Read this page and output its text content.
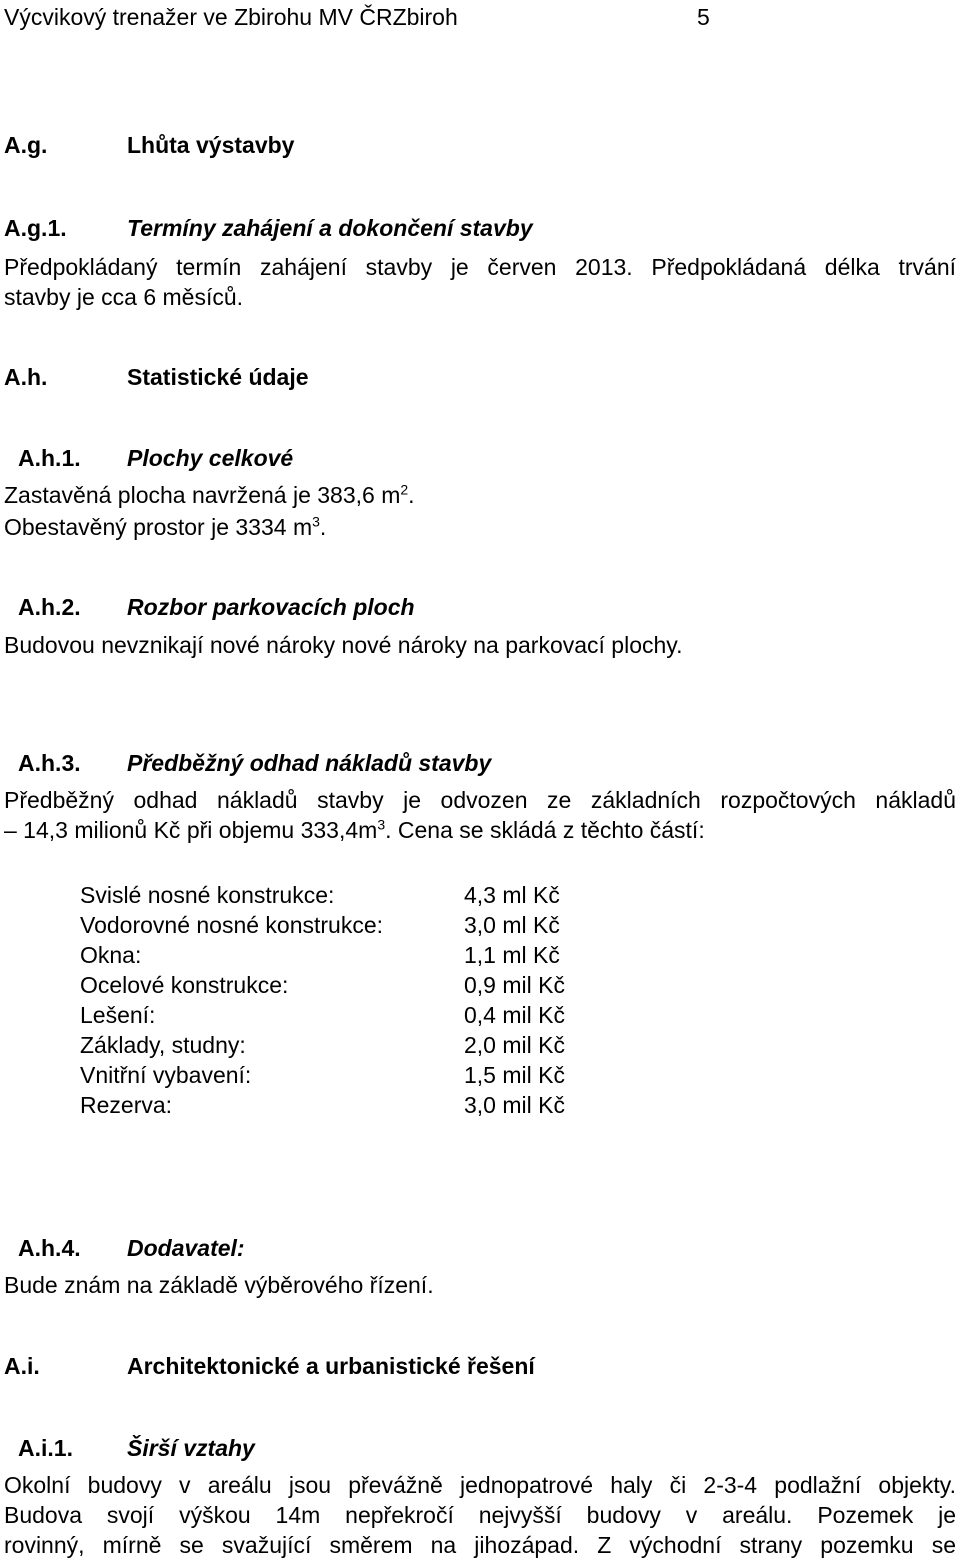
Výcvikový trenažer ve Zbirohu MV ČRZbiroh	5
A.g.	Lhůta výstavby
A.g.1.	Termíny zahájení a dokončení stavby
Předpokládaný termín zahájení stavby je červen 2013. Předpokládaná délka trvání
stavby je cca 6 měsíců.
A.h.	Statistické údaje
A.h.1. Plochy celkové
Zastavěná plocha navržená je 383,6 $m^2$.
Obestavěný prostor je 3334 $m^3$.
A.h.2. Rozbor parkovacích ploch
Budovou nevznikají nové nároky nové nároky na parkovací plochy.
A.h.3. Předběžný odhad nákladů stavby
Předběžný odhad nákladů stavby je odvozen ze základních rozpočtových nákladů
– 14,3 milionů Kč při objemu $333,4m^3$. Cena se skládá z těchto částí:
Svislé nosné konstrukce:	4,3 ml Kč
Vodorovné nosné konstrukce:	3,0 ml Kč
Okna:	1,1 ml Kč
Ocelové konstrukce:	0,9 mil Kč
Lešení:	0,4 mil Kč
Základy, studny:	2,0 mil Kč
Vnitřní vybavení:	1,5 mil Kč
Rezerva:	3,0 mil Kč
A.h.4. Dodavatel:
Bude znám na základě výběrového řízení.
A.i.	Architektonické a urbanistické řešení
A.i.1. Širší vztahy
Okolní budovy v areálu jsou převážně jednopatrové haly či 2-3-4 podlažní objekty.
Budova svojí výškou 14m nepřekročí nejvyšší budovy v areálu. Pozemek je
rovinný, mírně se svažující směrem na jihozápad. Z východní strany pozemku se
